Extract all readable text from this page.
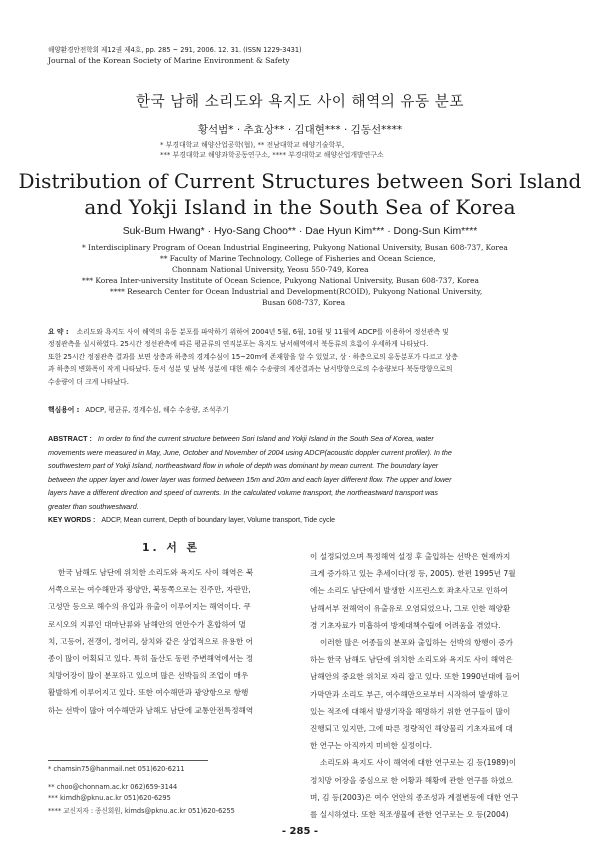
해양환경안전학회 제12권 제4호, pp. 285 ~ 291, 2006. 12. 31. (ISSN 1229-3431)
Journal of the Korean Society of Marine Environment & Safety
한국 남해 소리도와 욕지도 사이 해역의 유동 분포
황석범* · 추효상** · 김대현*** · 김동선****
* 부경대학교 해양산업공학(협), ** 전남대학교 해양기술학부,
*** 부경대학교 해양과학공동연구소, **** 부경대학교 해양산업개발연구소
Distribution of Current Structures between Sori Island
and Yokji Island in the South Sea of Korea
Suk-Bum Hwang* · Hyo-Sang Choo** · Dae Hyun Kim*** · Dong-Sun Kim****
* Interdisciplinary Program of Ocean Industrial Engineering, Pukyong National University, Busan 608-737, Korea
** Faculty of Marine Technology, College of Fisheries and Ocean Science,
Chonnam National University, Yeosu 550-749, Korea
*** Korea Inter-university Institute of Ocean Science, Pukyong National University, Busan 608-737, Korea
**** Research Center for Ocean Industrial and Development(RCOID), Pukyong National University,
Busan 608-737, Korea
요 약 : 소리도와 욕지도 사이 해역의 유동 분포를 파악하기 위하여 2004년 5월, 6월, 10월 및 11월에 ADCP를 이용하여 정선관측 및
정점관측을 실시하였다. 25시간 정선관측에 따른 평균류의 연직분포는 욕지도 남서해역에서 북동류의 흐름이 우세하게 나타났다.
또한 25시간 정점관측 결과를 보면 상층과 하층의 경계수심이 15~20m에 존재함을 알 수 있었고, 상 · 하층으로의 유동분포가 다르고 상층
과 하층의 변화폭이 작게 나타났다. 동서 성분 및 남북 성분에 대한 해수 수송량의 계산결과는 남서방향으로의 수송량보다 북동방향으로의
수송량이 더 크게 나타났다.
핵심용어 : ADCP, 평균류, 경계수심, 해수 수송량, 조석주기
ABSTRACT : In order to find the current structure between Sori Island and Yokji Island in the South Sea of Korea, water
movements were measured in May, June, October and November of 2004 using ADCP(acoustic doppler current profiler). In the
southwestern part of Yokji Island, northeastward flow in whole of depth was dominant by mean current. The boundary layer
between the upper layer and lower layer was formed between 15m and 20m and each layer different flow. The upper and lower
layers have a different direction and speed of currents. In the calculated volume transport, the northeastward transport was
greater than southwestward.
KEY WORDS : ADCP, Mean current, Depth of boundary layer, Volume transport, Tide cycle
1. 서 론
한국 남해도 남단에 위치한 소리도와 욕지도 사이 해역은 북
서쪽으로는 여수해만과 광양만, 북동쪽으로는 진주만, 자란만,
고성만 등으로 해수의 유입과 유출이 이루어지는 해역이다. 쿠
로시오의 지류인 대마난류와 남해안의 연안수가 혼합하여 멸
치, 고등어, 전갱이, 정어리, 삼치와 같은 상업적으로 유용한 어
종이 많이 어획되고 있다. 특히 돌산도 동편 주변해역에서는 정
치망어장이 많이 분포하고 있으며 많은 선박들의 조업이 매우
활발하게 이루어지고 있다. 또한 여수해만과 광양항으로 항행
하는 선박이 많아 여수해만과 남해도 남단에 교통안전특정해역
이 설정되었으며 특정해역 설정 후 출입하는 선박은 현재까지
크게 증가하고 있는 추세이다(정 등, 2005). 한편 1995년 7월
에는 소리도 남단에서 발생한 시프린스호 좌초사고로 인하여
남해서부 전해역이 유출유로 오염되었으나, 그로 인한 해양환
경 기초자료가 미흡하여 방제대책수립에 어려움을 겪었다.
이러한 많은 어종들의 분포와 출입하는 선박의 항행이 증가
하는 한국 남해도 남단에 위치한 소리도와 욕지도 사이 해역은
남해안의 중요한 위치로 자리 잡고 있다. 또한 1990년대에 들어
가막만과 소리도 부근, 여수해만으로부터 시작하여 발생하고
있는 적조에 대해서 발생기작을 해명하기 위한 연구들이 많이
진행되고 있지만, 그에 따른 정량적인 해양물리 기초자료에 대
한 연구는 아직까지 미비한 실정이다.
소리도와 욕지도 사이 해역에 대한 연구로는 김 등(1989)이
정치망 어장을 중심으로 한 어황과 해황에 관한 연구를 하였으
며, 김 등(2003)은 여수 연안의 종조성과 계절변동에 대한 연구
를 실시하였다. 또한 적조생물에 관한 연구로는 오 등(2004)
* chamsin75@hanmail.net 051)620-6211
** choo@chonnam.ac.kr 062)659-3144
*** kimdh@pknu.ac.kr 051)620-6295
**** 교신저자 : 종신회원, kimds@pknu.ac.kr 051)620-6255
- 285 -
